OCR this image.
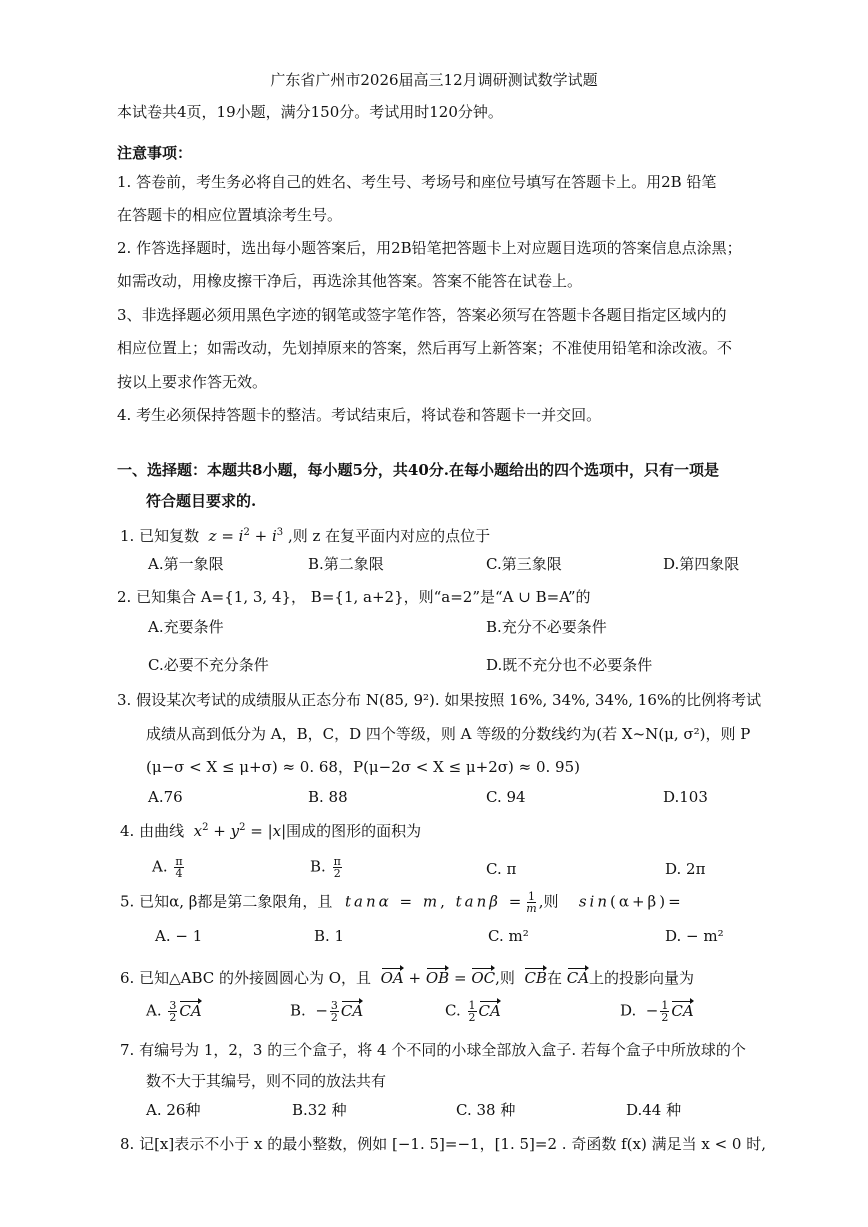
广东省广州市2026届高三12月调研测试数学试题
本试卷共4页，19小题，满分150分。考试用时120分钟。
注意事项：
1. 答卷前，考生务必将自己的姓名、考生号、考场号和座位号填写在答题卡上。用2B 铅笔
在答题卡的相应位置填涂考生号。
2. 作答选择题时，选出每小题答案后，用2B铅笔把答题卡上对应题目选项的答案信息点涂黑；
如需改动，用橡皮擦干净后，再选涂其他答案。答案不能答在试卷上。
3、非选择题必须用黑色字迹的钢笔或签字笔作答，答案必须写在答题卡各题目指定区域内的
相应位置上；如需改动，先划掉原来的答案，然后再写上新答案；不准使用铅笔和涂改液。不
按以上要求作答无效。
4. 考生必须保持答题卡的整洁。考试结束后，将试卷和答题卡一并交回。
一、选择题：本题共8小题，每小题5分，共40分.在每小题给出的四个选项中，只有一项是
符合题目要求的.
1. 已知复数 $z = i^2 + i^3$ ,则 z 在复平面内对应的点位于
A.第一象限	B.第二象限	C.第三象限	D.第四象限
2. 已知集合 A={1, 3, 4}， B={1, a+2}，则“a=2”是“A ∪ B=A”的
A.充要条件	B.充分不必要条件
C.必要不充分条件	D.既不充分也不必要条件
3. 假设某次考试的成绩服从正态分布 N(85, 9²). 如果按照 16%, 34%, 34%, 16%的比例将考试
成绩从高到低分为 A，B，C，D 四个等级，则 A 等级的分数线约为(若 X~N(μ, σ²)，则 P
(μ−σ < X ≤ μ+σ) ≈ 0. 68，P(μ−2σ < X ≤ μ+2σ) ≈ 0. 95)
A.76	B. 88	C. 94	D.103
4. 由曲线 $x^2 + y^2 = |x|$围成的图形的面积为
A. $\frac{\pi}{4}$	B. $\frac{\pi}{2}$	C. π	D. 2π
5. 已知α, β都是第二象限角，且 tanα = m, $\tan\beta = \frac{1}{m}$ ,则 sin(α+β)=
A. − 1	B. 1	C. m²	D. − m²
6. 已知△ABC 的外接圆圆心为 O，且 OA + OB = OC,则 CB在 CA上的投影向量为
A. $\frac{3}{2}$ CA	B.  − $\frac{3}{2}$ CA	C. $\frac{1}{2}$ CA	D.  − $\frac{1}{2}$ CA
7. 有编号为 1，2，3 的三个盒子，将 4 个不同的小球全部放入盒子. 若每个盒子中所放球的个
数不大于其编号，则不同的放法共有
A. 26种	B.32 种	C. 38 种	D.44 种
8. 记[x]表示不小于 x 的最小整数，例如 [−1. 5]=−1，[1. 5]=2 . 奇函数 f(x) 满足当 x < 0 时,
